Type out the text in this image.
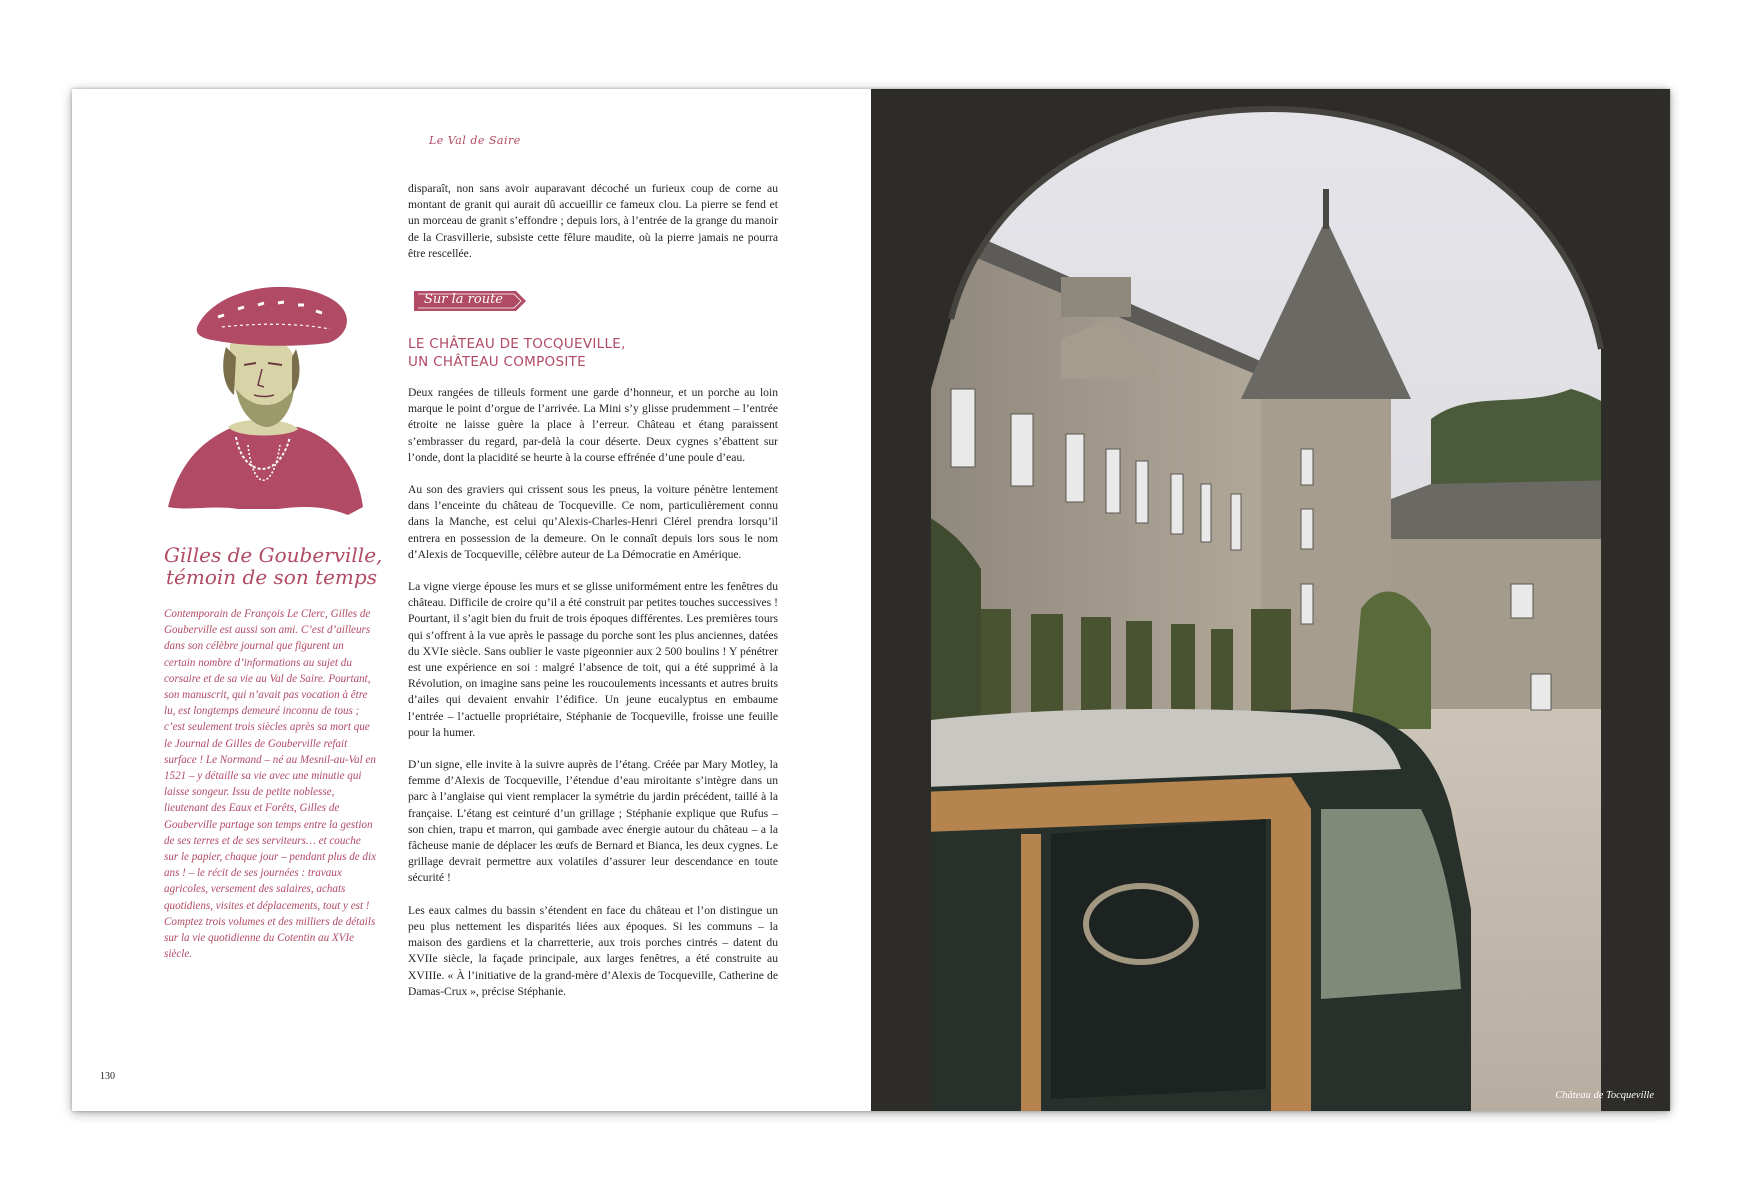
Le Val de Saire
Gilles de Gouberville,
témoin de son temps

Contemporain de François Le Clerc, Gilles de Gouberville est aussi son ami. C’est d’ailleurs dans son célèbre journal que figurent un certain nombre d’informations au sujet du corsaire et de sa vie au Val de Saire. Pourtant, son manuscrit, qui n’avait pas vocation à être lu, est longtemps demeuré inconnu de tous ; c’est seulement trois siècles après sa mort que le Journal de Gilles de Gouberville refait surface ! Le Normand – né au Mesnil-au-Val en 1521 – y détaille sa vie avec une minutie qui laisse songeur. Issu de petite noblesse, lieutenant des Eaux et Forêts, Gilles de Gouberville partage son temps entre la gestion de ses terres et de ses serviteurs… et couche sur le papier, chaque jour – pendant plus de dix ans ! – le récit de ses journées : travaux agricoles, versement des salaires, achats quotidiens, visites et déplacements, tout y est ! Comptez trois volumes et des milliers de détails sur la vie quotidienne du Cotentin au XVIe siècle.

disparaît, non sans avoir auparavant décoché un furieux coup de corne au montant de granit qui aurait dû accueillir ce fameux clou. La pierre se fend et un morceau de granit s’effondre ; depuis lors, à l’entrée de la grange du manoir de la Crasvillerie, subsiste cette fêlure maudite, où la pierre jamais ne pourra être rescellée.

Sur la route
LE CHÂTEAU DE TOCQUEVILLE,
UN CHÂTEAU COMPOSITE

Deux rangées de tilleuls forment une garde d’honneur, et un porche au loin marque le point d’orgue de l’arrivée. La Mini s’y glisse prudemment – l’entrée étroite ne laisse guère la place à l’erreur. Château et étang paraissent s’embrasser du regard, par-delà la cour déserte. Deux cygnes s’ébattent sur l’onde, dont la placidité se heurte à la course effrénée d’une poule d’eau.

Au son des graviers qui crissent sous les pneus, la voiture pénètre lentement dans l’enceinte du château de Tocqueville. Ce nom, particulièrement connu dans la Manche, est celui qu’Alexis-Charles-Henri Clérel prendra lorsqu’il entrera en possession de la demeure. On le connaît depuis lors sous le nom d’Alexis de Tocqueville, célèbre auteur de La Démocratie en Amérique.

La vigne vierge épouse les murs et se glisse uniformément entre les fenêtres du château. Difficile de croire qu’il a été construit par petites touches successives ! Pourtant, il s’agit bien du fruit de trois époques différentes. Les premières tours qui s’offrent à la vue après le passage du porche sont les plus anciennes, datées du XVIe siècle. Sans oublier le vaste pigeonnier aux 2 500 boulins ! Y pénétrer est une expérience en soi : malgré l’absence de toit, qui a été supprimé à la Révolution, on imagine sans peine les roucoulements incessants et autres bruits d’ailes qui devaient envahir l’édifice. Un jeune eucalyptus en embaume l’entrée – l’actuelle propriétaire, Stéphanie de Tocqueville, froisse une feuille pour la humer.

D’un signe, elle invite à la suivre auprès de l’étang. Créée par Mary Motley, la femme d’Alexis de Tocqueville, l’étendue d’eau miroitante s’intègre dans un parc à l’anglaise qui vient remplacer la symétrie du jardin précédent, taillé à la française. L’étang est ceinturé d’un grillage ; Stéphanie explique que Rufus – son chien, trapu et marron, qui gambade avec énergie autour du château – a la fâcheuse manie de déplacer les œufs de Bernard et Bianca, les deux cygnes. Le grillage devrait permettre aux volatiles d’assurer leur descendance en toute sécurité !

Les eaux calmes du bassin s’étendent en face du château et l’on distingue un peu plus nettement les disparités liées aux époques. Si les communs – la maison des gardiens et la charretterie, aux trois porches cintrés – datent du XVIIe siècle, la façade principale, aux larges fenêtres, a été construite au XVIIIe. « À l’initiative de la grand-mère d’Alexis de Tocqueville, Catherine de Damas-Crux », précise Stéphanie.

130
Château de Tocqueville
